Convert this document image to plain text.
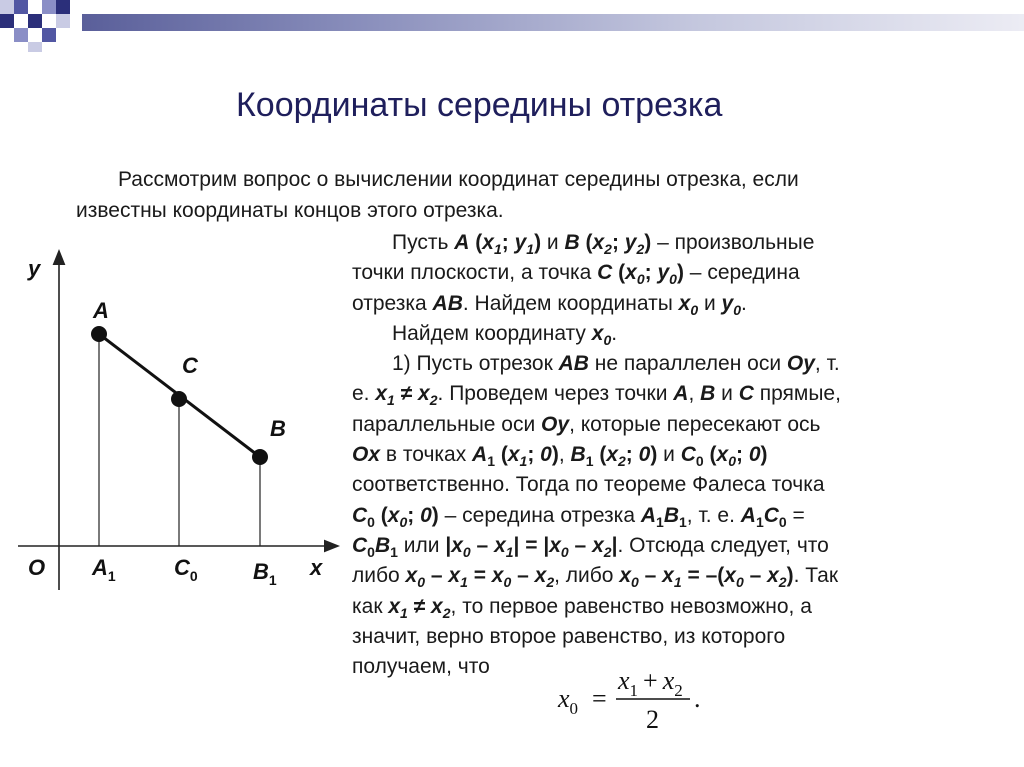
Координаты середины отрезка
Рассмотрим вопрос о вычислении координат середины отрезка, если
известны координаты концов этого отрезка.
Пусть A ($x_1$; $y_1$) и B ($x_2$; $y_2$) – произвольные
точки плоскости, а точка C ($x_0$; $y_0$) – середина
отрезка AB. Найдем координаты $x_0$ и $y_0$.
Найдем координату $x_0$.
1) Пусть отрезок AB не параллелен оси Oy, т.
е. $x_1 \ne x_2$. Проведем через точки A, B и C прямые,
параллельные оси Oy, которые пересекают ось
Ox в точках $A_1$ ($x_1$; 0), $B_1$ ($x_2$; 0) и $C_0$ ($x_0$; 0)
соответственно. Тогда по теореме Фалеса точка
$C_0$ ($x_0$; 0) – середина отрезка $A_1B_1$, т. е. $A_1C_0$ =
$C_0B_1$ или $|x_0 - x_1| = |x_0 - x_2|$. Отсюда следует, что
либо $x_0 - x_1 = x_0 - x_2$, либо $x_0 - x_1 = -(x_0 - x_2)$. Так
как $x_1 \ne x_2$, то первое равенство невозможно, а
значит, верно второе равенство, из которого
получаем, что
y
x
O
A
C
B
$A_1$	$C_0$	$B_1$
$x_0$ =
$x_1 + x_2$
2
.
